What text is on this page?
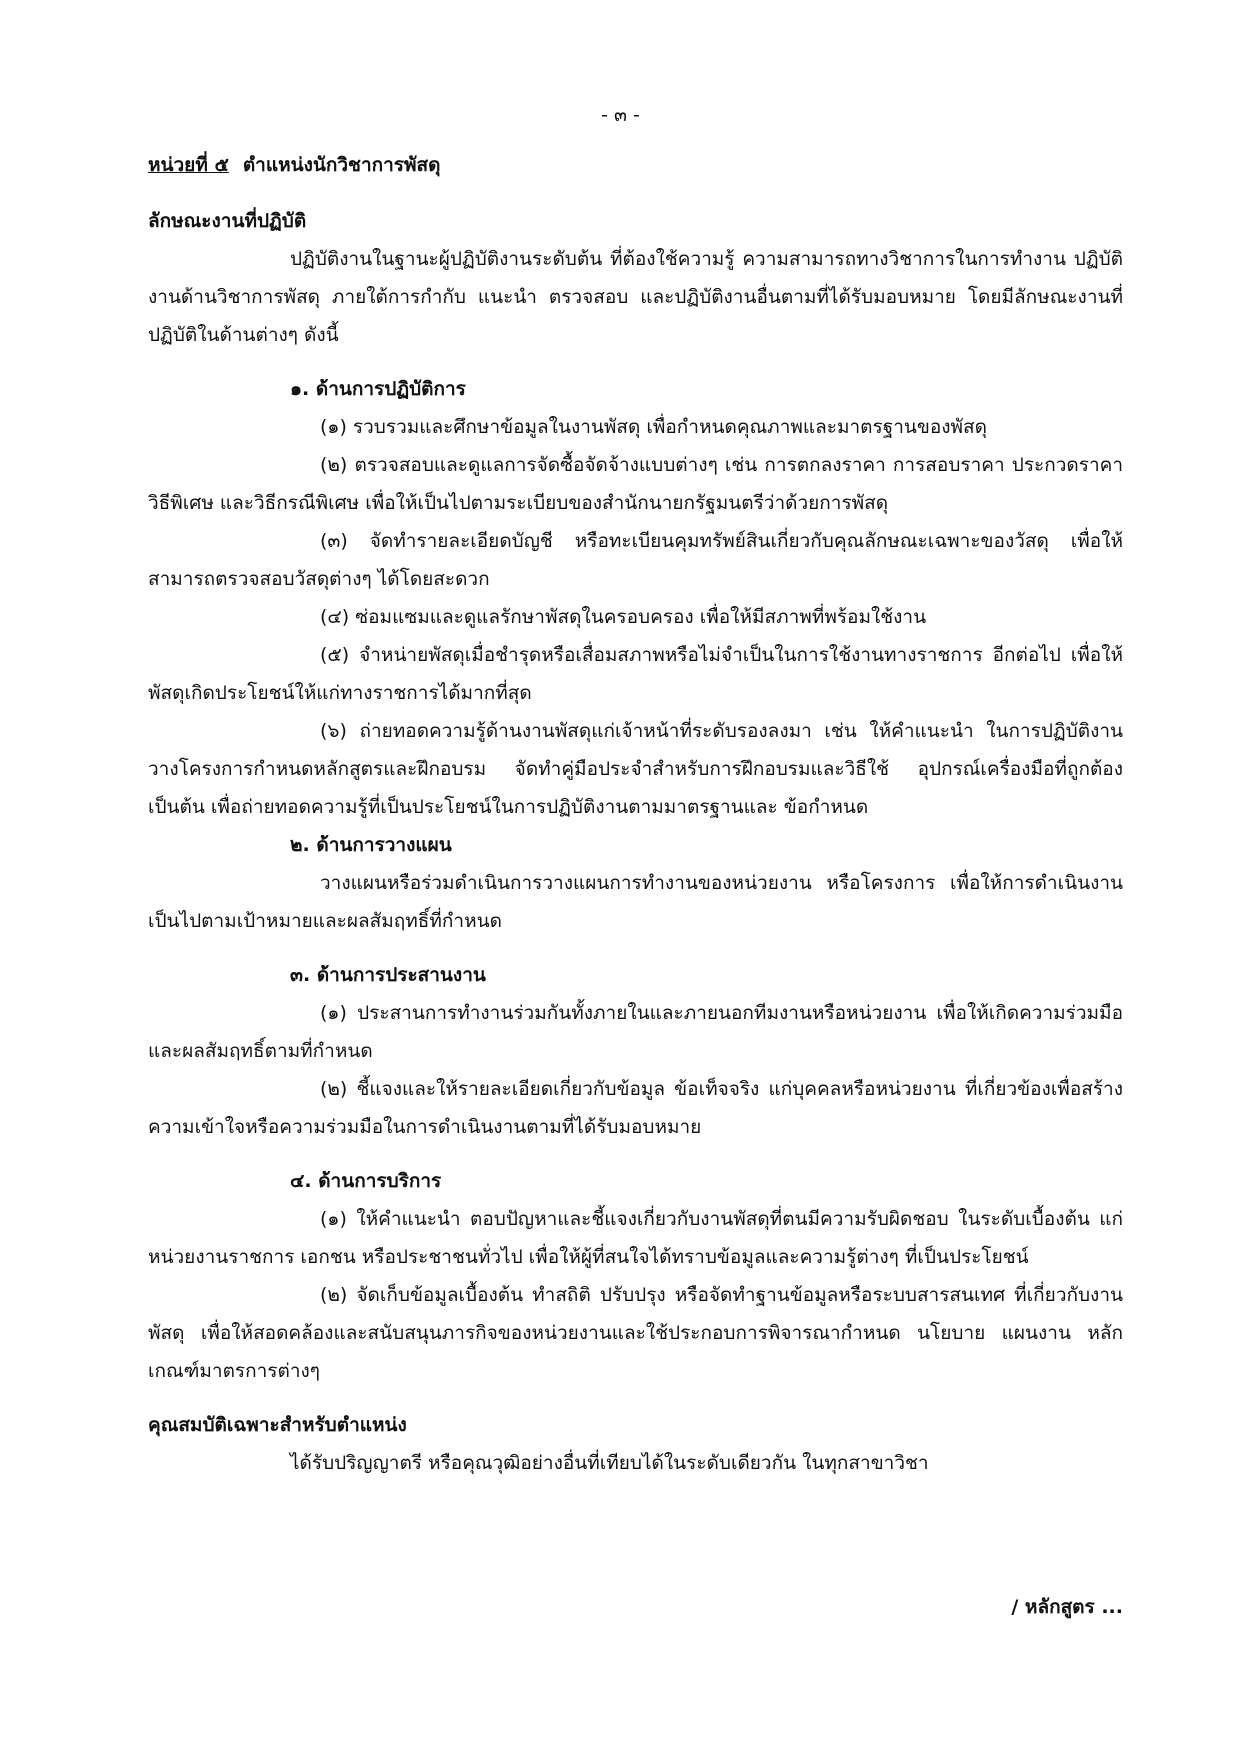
- ๓ -

หน่วยที่ ๕ ตำแหน่งนักวิชาการพัสดุ

ลักษณะงานที่ปฏิบัติ

ปฏิบัติงานในฐานะผู้ปฏิบัติงานระดับต้น ที่ต้องใช้ความรู้ ความสามารถทางวิชาการในการทำงาน ปฏิบัติงานด้านวิชาการพัสดุ ภายใต้การกำกับ แนะนำ ตรวจสอบ และปฏิบัติงานอื่นตามที่ได้รับมอบหมาย โดยมีลักษณะงานที่ปฏิบัติในด้านต่างๆ ดังนี้

๑. ด้านการปฏิบัติการ

(๑) รวบรวมและศึกษาข้อมูลในงานพัสดุ เพื่อกำหนดคุณภาพและมาตรฐานของพัสดุ

(๒) ตรวจสอบและดูแลการจัดซื้อจัดจ้างแบบต่างๆ เช่น การตกลงราคา การสอบราคา ประกวดราคา วิธีพิเศษ และวิธีกรณีพิเศษ เพื่อให้เป็นไปตามระเบียบของสำนักนายกรัฐมนตรีว่าด้วยการพัสดุ

(๓) จัดทำรายละเอียดบัญชี หรือทะเบียนคุมทรัพย์สินเกี่ยวกับคุณลักษณะเฉพาะของวัสดุ เพื่อให้สามารถตรวจสอบวัสดุต่างๆ ได้โดยสะดวก

(๔) ซ่อมแซมและดูแลรักษาพัสดุในครอบครอง เพื่อให้มีสภาพที่พร้อมใช้งาน

(๕) จำหน่ายพัสดุเมื่อชำรุดหรือเสื่อมสภาพหรือไม่จำเป็นในการใช้งานทางราชการ อีกต่อไป เพื่อให้พัสดุเกิดประโยชน์ให้แก่ทางราชการได้มากที่สุด

(๖) ถ่ายทอดความรู้ด้านงานพัสดุแก่เจ้าหน้าที่ระดับรองลงมา เช่น ให้คำแนะนำ ในการปฏิบัติงาน วางโครงการกำหนดหลักสูตรและฝึกอบรม จัดทำคู่มือประจำสำหรับการฝึกอบรมและวิธีใช้ อุปกรณ์เครื่องมือที่ถูกต้อง เป็นต้น เพื่อถ่ายทอดความรู้ที่เป็นประโยชน์ในการปฏิบัติงานตามมาตรฐานและ ข้อกำหนด

๒. ด้านการวางแผน

วางแผนหรือร่วมดำเนินการวางแผนการทำงานของหน่วยงาน หรือโครงการ เพื่อให้การดำเนินงานเป็นไปตามเป้าหมายและผลสัมฤทธิ์ที่กำหนด

๓. ด้านการประสานงาน

(๑) ประสานการทำงานร่วมกันทั้งภายในและภายนอกทีมงานหรือหน่วยงาน เพื่อให้เกิดความร่วมมือและผลสัมฤทธิ์ตามที่กำหนด

(๒) ชี้แจงและให้รายละเอียดเกี่ยวกับข้อมูล ข้อเท็จจริง แก่บุคคลหรือหน่วยงาน ที่เกี่ยวข้องเพื่อสร้างความเข้าใจหรือความร่วมมือในการดำเนินงานตามที่ได้รับมอบหมาย

๔. ด้านการบริการ

(๑) ให้คำแนะนำ ตอบปัญหาและชี้แจงเกี่ยวกับงานพัสดุที่ตนมีความรับผิดชอบ ในระดับเบื้องต้น แก่หน่วยงานราชการ เอกชน หรือประชาชนทั่วไป เพื่อให้ผู้ที่สนใจได้ทราบข้อมูลและความรู้ต่างๆ ที่เป็นประโยชน์

(๒) จัดเก็บข้อมูลเบื้องต้น ทำสถิติ ปรับปรุง หรือจัดทำฐานข้อมูลหรือระบบสารสนเทศ ที่เกี่ยวกับงานพัสดุ เพื่อให้สอดคล้องและสนับสนุนภารกิจของหน่วยงานและใช้ประกอบการพิจารณากำหนด นโยบาย แผนงาน หลักเกณฑ์มาตรการต่างๆ

คุณสมบัติเฉพาะสำหรับตำแหน่ง

ได้รับปริญญาตรี หรือคุณวุฒิอย่างอื่นที่เทียบได้ในระดับเดียวกัน ในทุกสาขาวิชา

/ หลักสูตร ...
